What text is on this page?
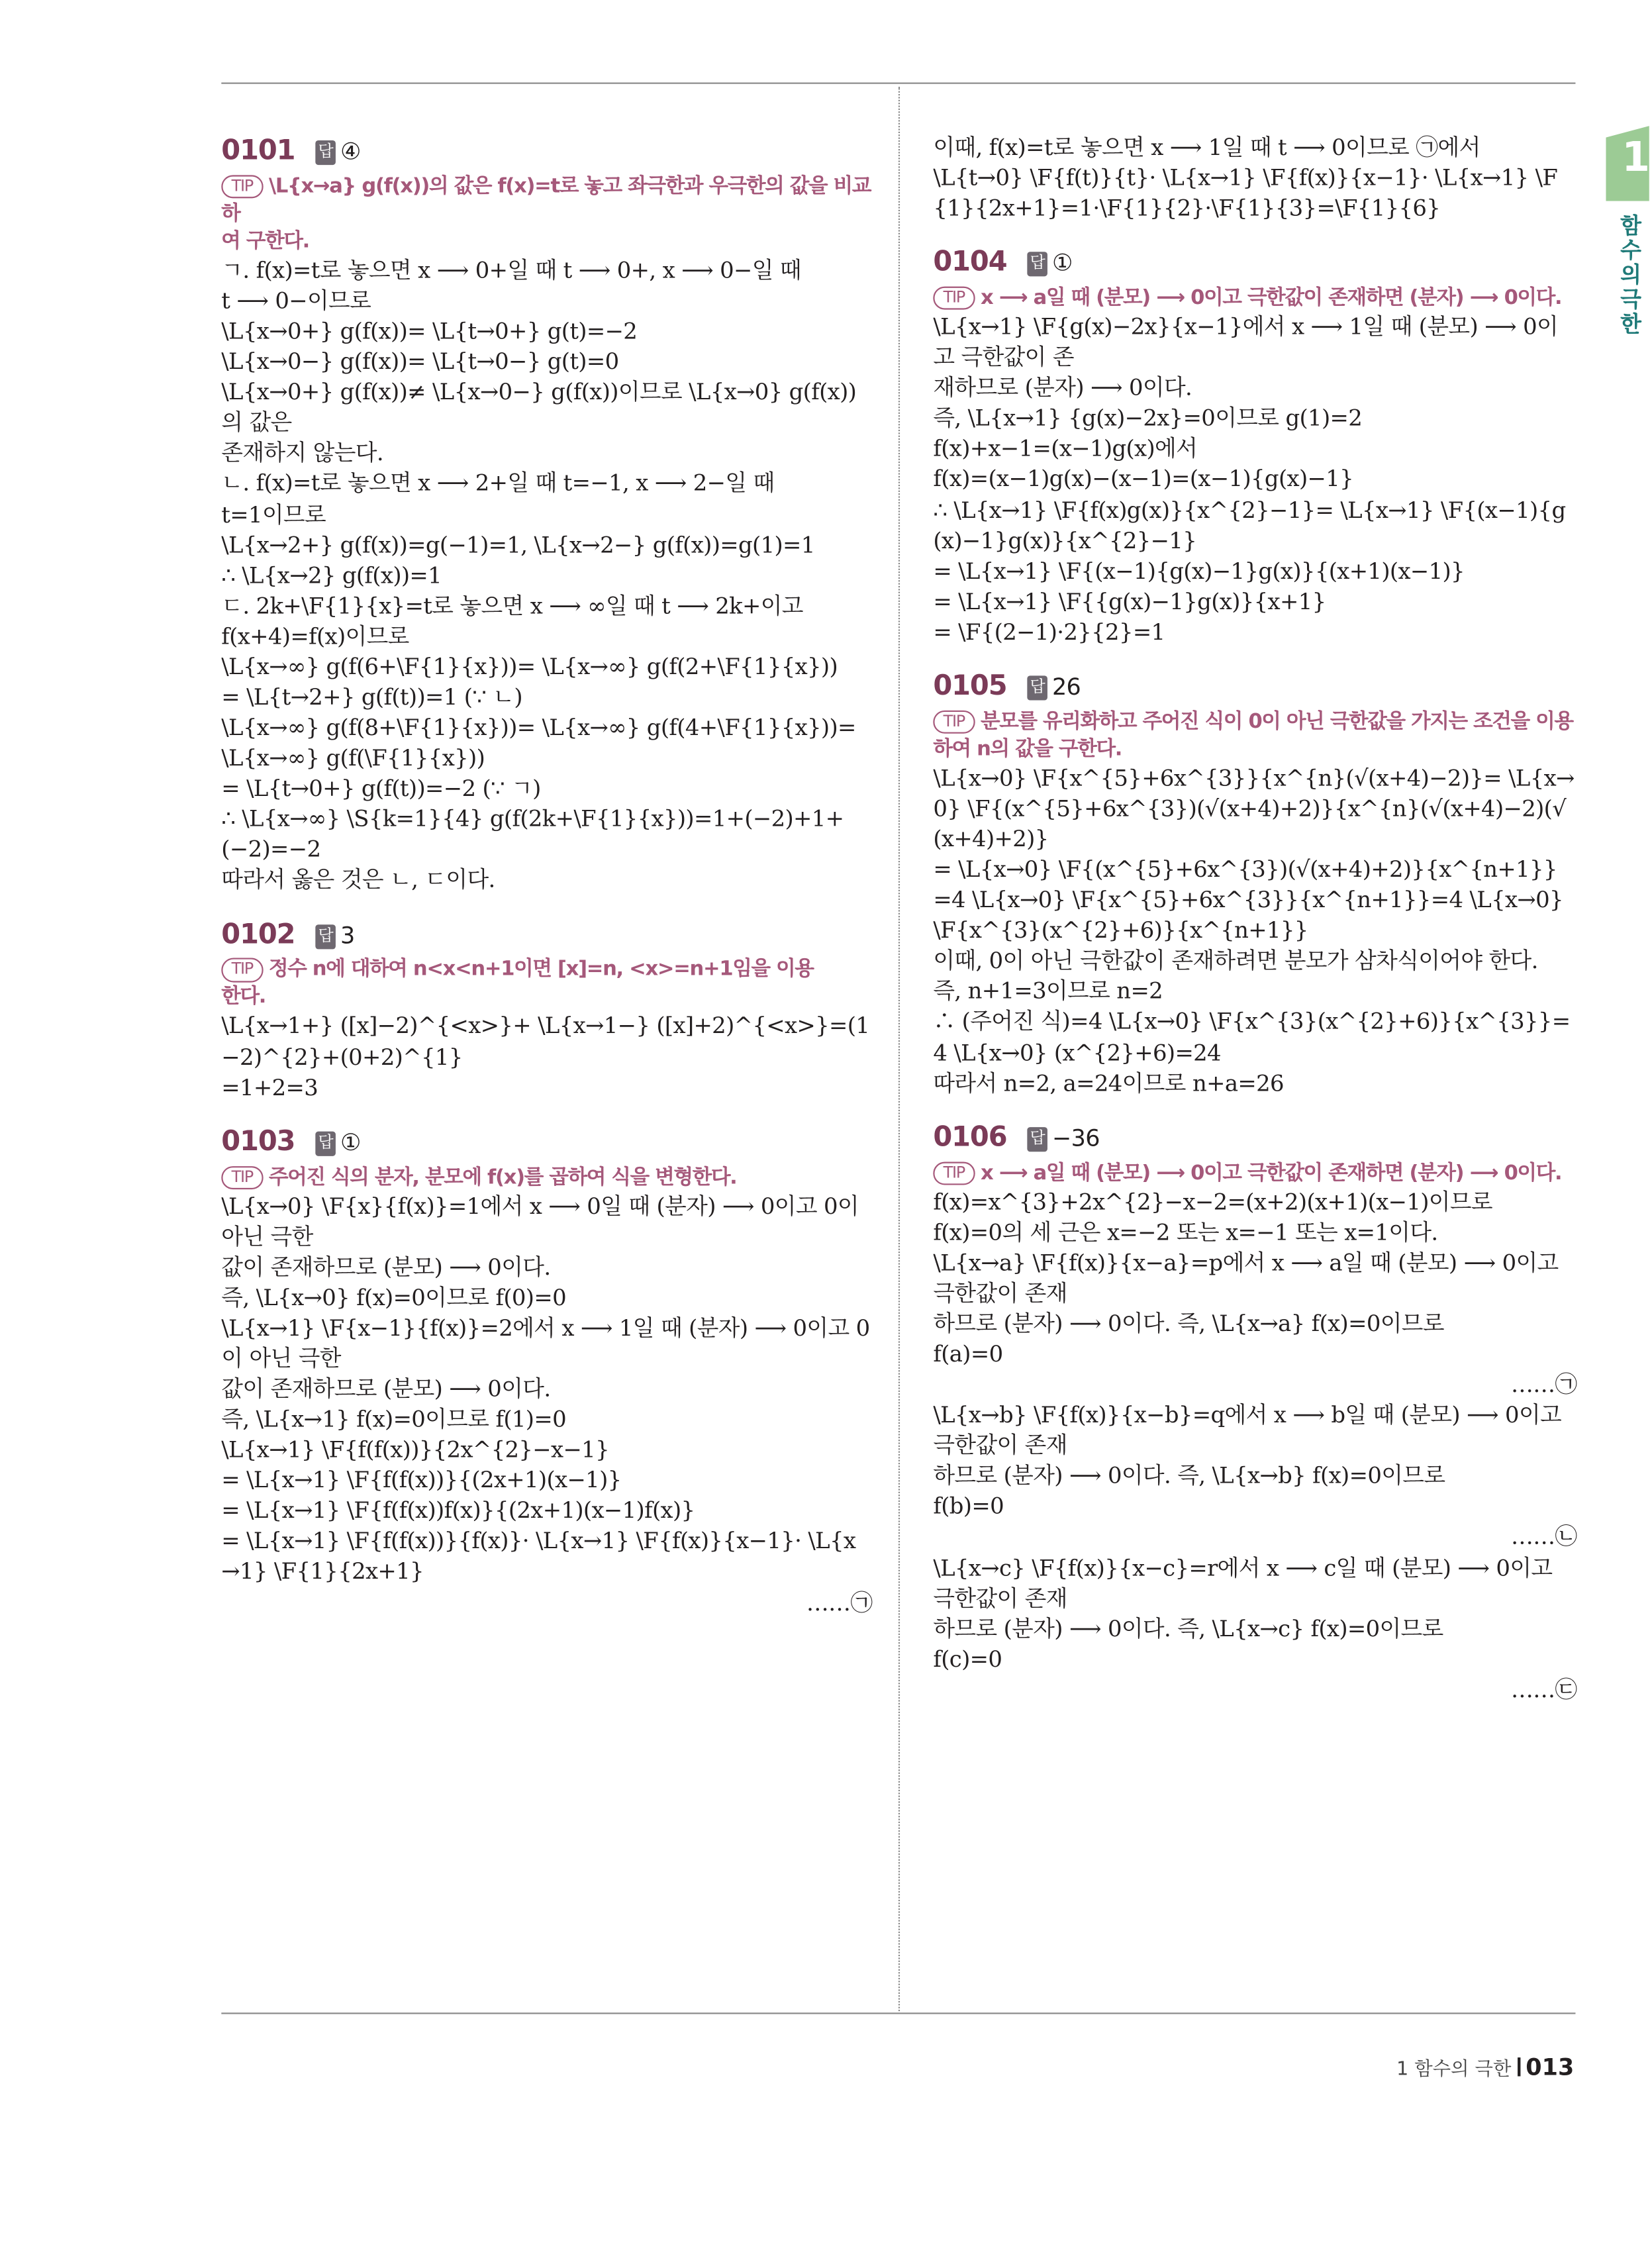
1
함수의 극한
0101	답 ④
TIP \L{x→a} g(f(x))의 값은 f(x)=t로 놓고 좌극한과 우극한의 값을 비교하
여 구한다.
ㄱ. f(x)=t로 놓으면 x ⟶ 0+일 때 t ⟶ 0+, x ⟶ 0−일 때
t ⟶ 0−이므로
\L{x→0+} g(f(x))= \L{t→0+} g(t)=−2
\L{x→0−} g(f(x))= \L{t→0−} g(t)=0
\L{x→0+} g(f(x))≠ \L{x→0−} g(f(x))이므로 \L{x→0} g(f(x))의 값은
존재하지 않는다.
ㄴ. f(x)=t로 놓으면 x ⟶ 2+일 때 t=−1, x ⟶ 2−일 때
t=1이므로
\L{x→2+} g(f(x))=g(−1)=1, \L{x→2−} g(f(x))=g(1)=1
∴ \L{x→2} g(f(x))=1
ㄷ. 2k+\F{1}{x}=t로 놓으면 x ⟶ ∞일 때 t ⟶ 2k+이고
f(x+4)=f(x)이므로
\L{x→∞} g(f(6+\F{1}{x}))= \L{x→∞} g(f(2+\F{1}{x}))
= \L{t→2+} g(f(t))=1 (∵ ㄴ)
\L{x→∞} g(f(8+\F{1}{x}))= \L{x→∞} g(f(4+\F{1}{x}))= \L{x→∞} g(f(\F{1}{x}))
= \L{t→0+} g(f(t))=−2 (∵ ㄱ)
∴ \L{x→∞} \S{k=1}{4} g(f(2k+\F{1}{x}))=1+(−2)+1+(−2)=−2
따라서 옳은 것은 ㄴ, ㄷ이다.
0102	답 3
TIP 정수 n에 대하여 n<x<n+1이면 [x]=n, <x>=n+1임을 이용
한다.
\L{x→1+} ([x]−2)^{<x>}+ \L{x→1−} ([x]+2)^{<x>}=(1−2)^{2}+(0+2)^{1}
=1+2=3
0103	답 ①
TIP 주어진 식의 분자, 분모에 f(x)를 곱하여 식을 변형한다.
\L{x→0} \F{x}{f(x)}=1에서 x ⟶ 0일 때 (분자) ⟶ 0이고 0이 아닌 극한
값이 존재하므로 (분모) ⟶ 0이다.
즉, \L{x→0} f(x)=0이므로 f(0)=0
\L{x→1} \F{x−1}{f(x)}=2에서 x ⟶ 1일 때 (분자) ⟶ 0이고 0이 아닌 극한
값이 존재하므로 (분모) ⟶ 0이다.
즉, \L{x→1} f(x)=0이므로 f(1)=0
\L{x→1} \F{f(f(x))}{2x^{2}−x−1}
= \L{x→1} \F{f(f(x))}{(2x+1)(x−1)}
= \L{x→1} \F{f(f(x))f(x)}{(2x+1)(x−1)f(x)}
= \L{x→1} \F{f(f(x))}{f(x)}· \L{x→1} \F{f(x)}{x−1}· \L{x→1} \F{1}{2x+1}
……㉠
이때, f(x)=t로 놓으면 x ⟶ 1일 때 t ⟶ 0이므로 ㉠에서
\L{t→0} \F{f(t)}{t}· \L{x→1} \F{f(x)}{x−1}· \L{x→1} \F{1}{2x+1}=1·\F{1}{2}·\F{1}{3}=\F{1}{6}
0104	답 ①
TIP x ⟶ a일 때 (분모) ⟶ 0이고 극한값이 존재하면 (분자) ⟶ 0이다.
\L{x→1} \F{g(x)−2x}{x−1}에서 x ⟶ 1일 때 (분모) ⟶ 0이고 극한값이 존
재하므로 (분자) ⟶ 0이다.
즉, \L{x→1} {g(x)−2x}=0이므로 g(1)=2
f(x)+x−1=(x−1)g(x)에서
f(x)=(x−1)g(x)−(x−1)=(x−1){g(x)−1}
∴ \L{x→1} \F{f(x)g(x)}{x^{2}−1}= \L{x→1} \F{(x−1){g(x)−1}g(x)}{x^{2}−1}
= \L{x→1} \F{(x−1){g(x)−1}g(x)}{(x+1)(x−1)}
= \L{x→1} \F{{g(x)−1}g(x)}{x+1}
= \F{(2−1)·2}{2}=1
0105	답 26
TIP 분모를 유리화하고 주어진 식이 0이 아닌 극한값을 가지는 조건을 이용
하여 n의 값을 구한다.
\L{x→0} \F{x^{5}+6x^{3}}{x^{n}(√(x+4)−2)}= \L{x→0} \F{(x^{5}+6x^{3})(√(x+4)+2)}{x^{n}(√(x+4)−2)(√(x+4)+2)}
= \L{x→0} \F{(x^{5}+6x^{3})(√(x+4)+2)}{x^{n+1}}
=4 \L{x→0} \F{x^{5}+6x^{3}}{x^{n+1}}=4 \L{x→0} \F{x^{3}(x^{2}+6)}{x^{n+1}}
이때, 0이 아닌 극한값이 존재하려면 분모가 삼차식이어야 한다.
즉, n+1=3이므로 n=2
∴ (주어진 식)=4 \L{x→0} \F{x^{3}(x^{2}+6)}{x^{3}}=4 \L{x→0} (x^{2}+6)=24
따라서 n=2, a=24이므로 n+a=26
0106	답 −36
TIP x ⟶ a일 때 (분모) ⟶ 0이고 극한값이 존재하면 (분자) ⟶ 0이다.
f(x)=x^{3}+2x^{2}−x−2=(x+2)(x+1)(x−1)이므로
f(x)=0의 세 근은 x=−2 또는 x=−1 또는 x=1이다.
\L{x→a} \F{f(x)}{x−a}=p에서 x ⟶ a일 때 (분모) ⟶ 0이고 극한값이 존재
하므로 (분자) ⟶ 0이다. 즉, \L{x→a} f(x)=0이므로
f(a)=0
……㉠
\L{x→b} \F{f(x)}{x−b}=q에서 x ⟶ b일 때 (분모) ⟶ 0이고 극한값이 존재
하므로 (분자) ⟶ 0이다. 즉, \L{x→b} f(x)=0이므로
f(b)=0
……㉡
\L{x→c} \F{f(x)}{x−c}=r에서 x ⟶ c일 때 (분모) ⟶ 0이고 극한값이 존재
하므로 (분자) ⟶ 0이다. 즉, \L{x→c} f(x)=0이므로
f(c)=0
……㉢
1 함수의 극한 013
